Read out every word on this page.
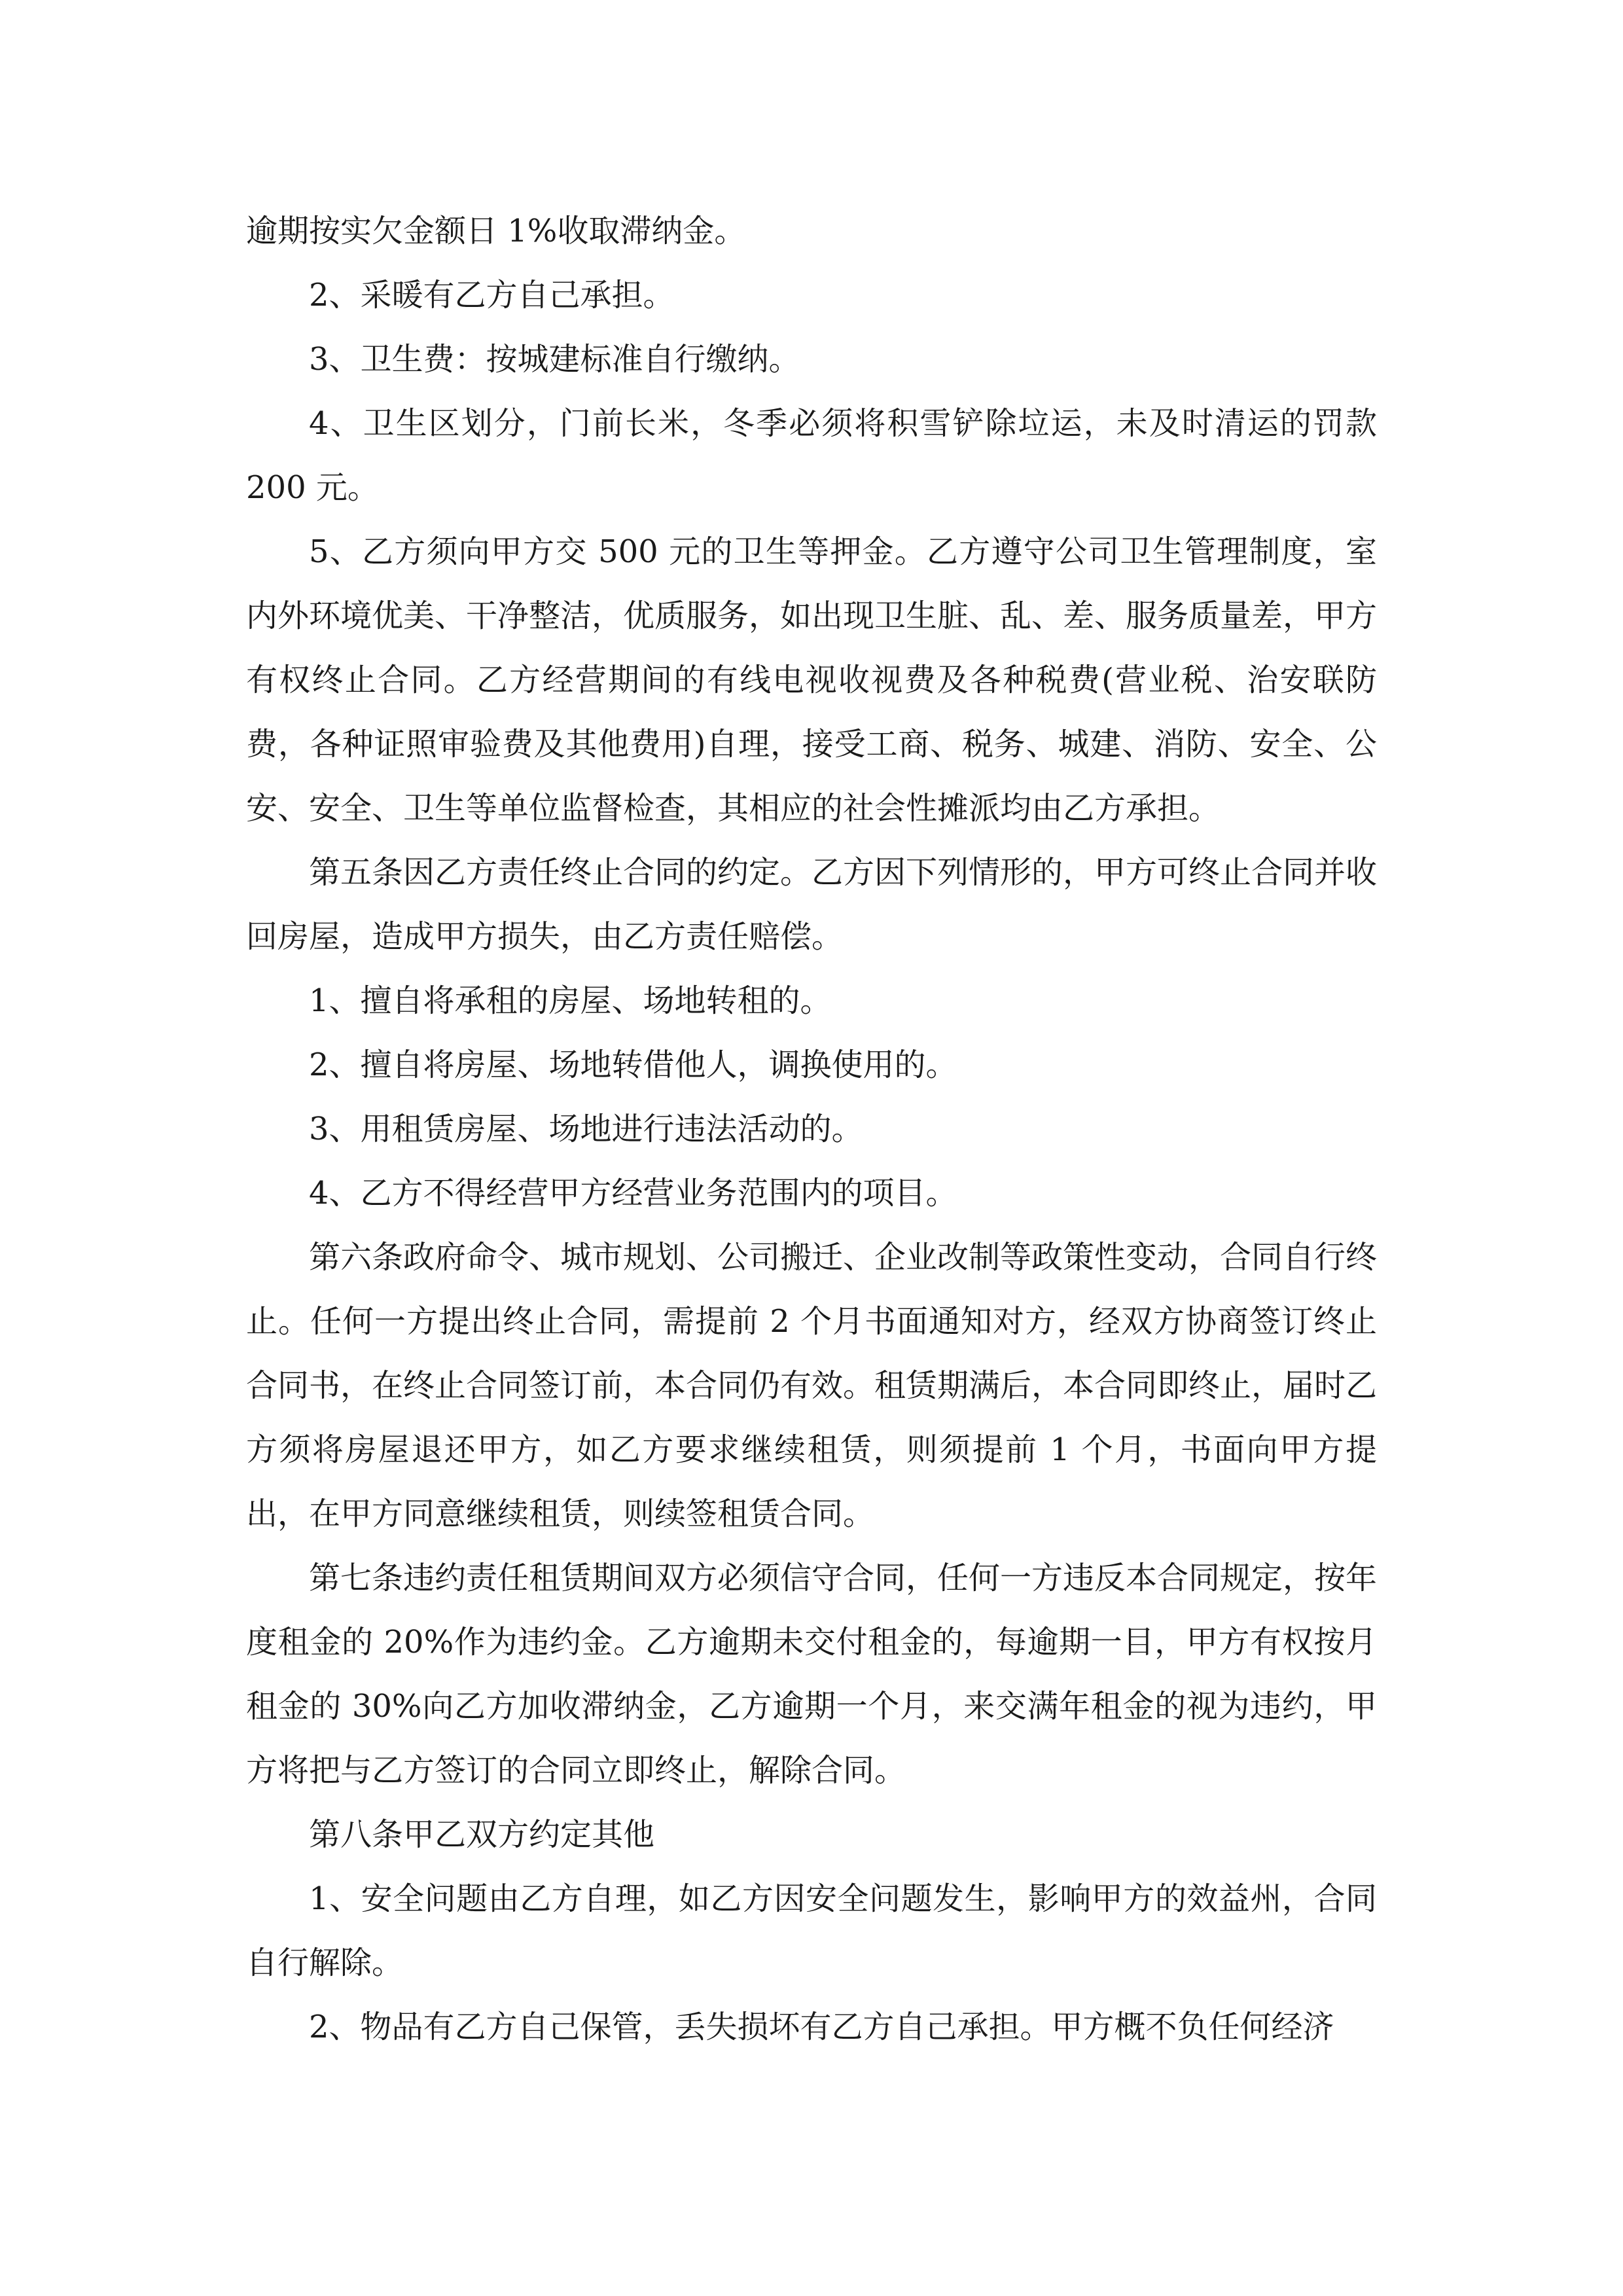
逾期按实欠金额日 1%收取滞纳金。

2、采暖有乙方自己承担。

3、卫生费：按城建标准自行缴纳。

4、卫生区划分，门前长米，冬季必须将积雪铲除垃运，未及时清运的罚款 200 元。

5、乙方须向甲方交 500 元的卫生等押金。乙方遵守公司卫生管理制度，室内外环境优美、干净整洁，优质服务，如出现卫生脏、乱、差、服务质量差，甲方有权终止合同。乙方经营期间的有线电视收视费及各种税费(营业税、治安联防费，各种证照审验费及其他费用)自理，接受工商、税务、城建、消防、安全、公安、安全、卫生等单位监督检查，其相应的社会性摊派均由乙方承担。

第五条因乙方责任终止合同的约定。乙方因下列情形的，甲方可终止合同并收回房屋，造成甲方损失，由乙方责任赔偿。

1、擅自将承租的房屋、场地转租的。

2、擅自将房屋、场地转借他人，调换使用的。

3、用租赁房屋、场地进行违法活动的。

4、乙方不得经营甲方经营业务范围内的项目。

第六条政府命令、城市规划、公司搬迁、企业改制等政策性变动，合同自行终止。任何一方提出终止合同，需提前 2 个月书面通知对方，经双方协商签订终止合同书，在终止合同签订前，本合同仍有效。租赁期满后，本合同即终止，届时乙方须将房屋退还甲方，如乙方要求继续租赁，则须提前 1 个月，书面向甲方提出，在甲方同意继续租赁，则续签租赁合同。

第七条违约责任租赁期间双方必须信守合同，任何一方违反本合同规定，按年度租金的 20%作为违约金。乙方逾期未交付租金的，每逾期一目，甲方有权按月租金的 30%向乙方加收滞纳金，乙方逾期一个月，来交满年租金的视为违约，甲方将把与乙方签订的合同立即终止，解除合同。

第八条甲乙双方约定其他

1、安全问题由乙方自理，如乙方因安全问题发生，影响甲方的效益州，合同自行解除。

2、物品有乙方自己保管，丢失损坏有乙方自己承担。甲方概不负任何经济
